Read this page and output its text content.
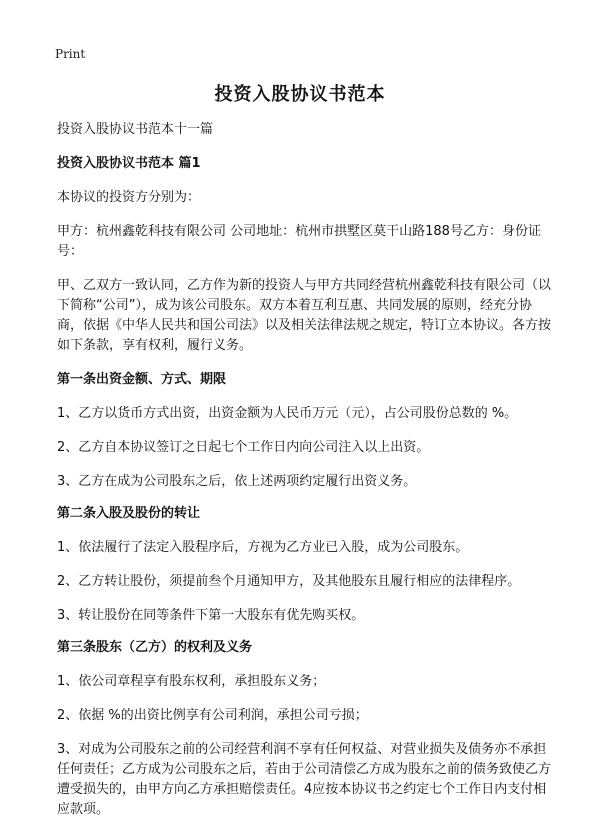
Print
投资入股协议书范本

投资入股协议书范本十一篇

投资入股协议书范本 篇1

本协议的投资方分别为：

甲方：杭州鑫乾科技有限公司 公司地址：杭州市拱墅区莫干山路188号乙方：身份证号：

甲、乙双方一致认同，乙方作为新的投资人与甲方共同经营杭州鑫乾科技有限公司（以下简称“公司”），成为该公司股东。双方本着互利互惠、共同发展的原则，经充分协商，依据《中华人民共和国公司法》以及相关法律法规之规定，特订立本协议。各方按如下条款，享有权利，履行义务。

第一条出资金额、方式、期限

1、乙方以货币方式出资，出资金额为人民币万元（元），占公司股份总数的 %。

2、乙方自本协议签订之日起七个工作日内向公司注入以上出资。

3、乙方在成为公司股东之后，依上述两项约定履行出资义务。

第二条入股及股份的转让

1、依法履行了法定入股程序后，方视为乙方业已入股，成为公司股东。

2、乙方转让股份，须提前叁个月通知甲方，及其他股东且履行相应的法律程序。

3、转让股份在同等条件下第一大股东有优先购买权。

第三条股东（乙方）的权利及义务

1、依公司章程享有股东权利，承担股东义务；

2、依据 %的出资比例享有公司利润，承担公司亏损；

3、对成为公司股东之前的公司经营利润不享有任何权益、对营业损失及债务亦不承担任何责任；乙方成为公司股东之后，若由于公司清偿乙方成为股东之前的债务致使乙方遭受损失的，由甲方向乙方承担赔偿责任。4应按本协议书之约定七个工作日内支付相应款项。
